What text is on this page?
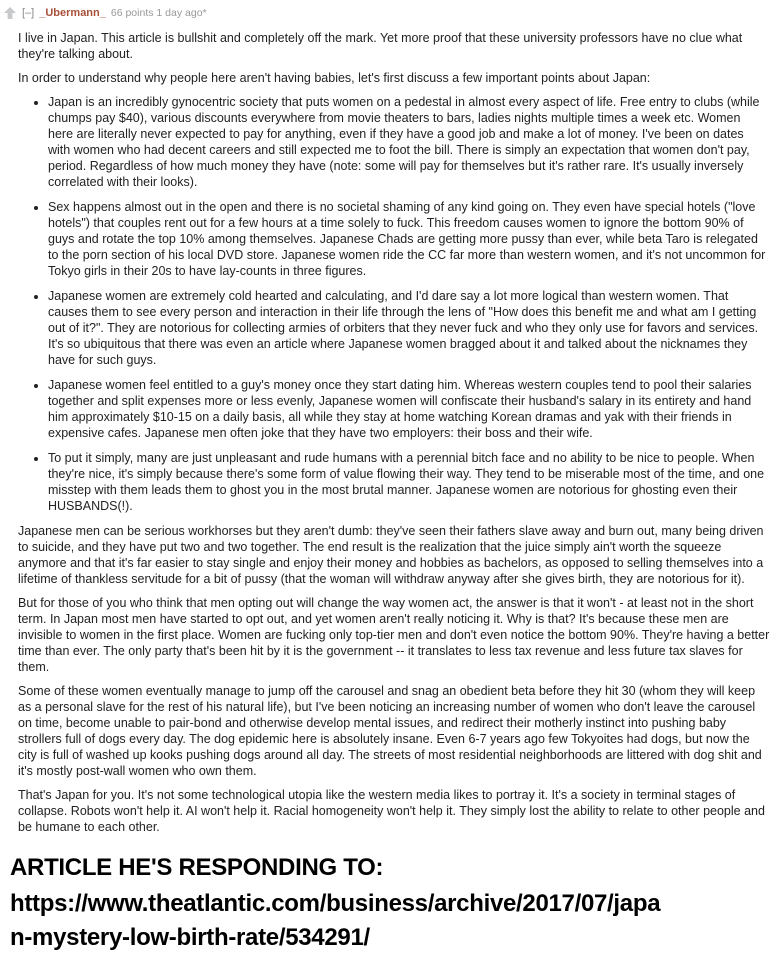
[–] _Ubermann_ 66 points 1 day ago*

I live in Japan. This article is bullshit and completely off the mark. Yet more proof that these university professors have no clue what they're talking about.

In order to understand why people here aren't having babies, let's first discuss a few important points about Japan:

• Japan is an incredibly gynocentric society that puts women on a pedestal in almost every aspect of life. Free entry to clubs (while chumps pay $40), various discounts everywhere from movie theaters to bars, ladies nights multiple times a week etc. Women here are literally never expected to pay for anything, even if they have a good job and make a lot of money. I've been on dates with women who had decent careers and still expected me to foot the bill. There is simply an expectation that women don't pay, period. Regardless of how much money they have (note: some will pay for themselves but it's rather rare. It's usually inversely correlated with their looks).
• Sex happens almost out in the open and there is no societal shaming of any kind going on. They even have special hotels ("love hotels") that couples rent out for a few hours at a time solely to fuck. This freedom causes women to ignore the bottom 90% of guys and rotate the top 10% among themselves. Japanese Chads are getting more pussy than ever, while beta Taro is relegated to the porn section of his local DVD store. Japanese women ride the CC far more than western women, and it's not uncommon for Tokyo girls in their 20s to have lay-counts in three figures.
• Japanese women are extremely cold hearted and calculating, and I'd dare say a lot more logical than western women. That causes them to see every person and interaction in their life through the lens of "How does this benefit me and what am I getting out of it?". They are notorious for collecting armies of orbiters that they never fuck and who they only use for favors and services. It's so ubiquitous that there was even an article where Japanese women bragged about it and talked about the nicknames they have for such guys.
• Japanese women feel entitled to a guy's money once they start dating him. Whereas western couples tend to pool their salaries together and split expenses more or less evenly, Japanese women will confiscate their husband's salary in its entirety and hand him approximately $10-15 on a daily basis, all while they stay at home watching Korean dramas and yak with their friends in expensive cafes. Japanese men often joke that they have two employers: their boss and their wife.
• To put it simply, many are just unpleasant and rude humans with a perennial bitch face and no ability to be nice to people. When they're nice, it's simply because there's some form of value flowing their way. They tend to be miserable most of the time, and one misstep with them leads them to ghost you in the most brutal manner. Japanese women are notorious for ghosting even their HUSBANDS(!).

Japanese men can be serious workhorses but they aren't dumb: they've seen their fathers slave away and burn out, many being driven to suicide, and they have put two and two together. The end result is the realization that the juice simply ain't worth the squeeze anymore and that it's far easier to stay single and enjoy their money and hobbies as bachelors, as opposed to selling themselves into a lifetime of thankless servitude for a bit of pussy (that the woman will withdraw anyway after she gives birth, they are notorious for it).

But for those of you who think that men opting out will change the way women act, the answer is that it won't - at least not in the short term. In Japan most men have started to opt out, and yet women aren't really noticing it. Why is that? It's because these men are invisible to women in the first place. Women are fucking only top-tier men and don't even notice the bottom 90%. They're having a better time than ever. The only party that's been hit by it is the government -- it translates to less tax revenue and less future tax slaves for them.

Some of these women eventually manage to jump off the carousel and snag an obedient beta before they hit 30 (whom they will keep as a personal slave for the rest of his natural life), but I've been noticing an increasing number of women who don't leave the carousel on time, become unable to pair-bond and otherwise develop mental issues, and redirect their motherly instinct into pushing baby strollers full of dogs every day. The dog epidemic here is absolutely insane. Even 6-7 years ago few Tokyoites had dogs, but now the city is full of washed up kooks pushing dogs around all day. The streets of most residential neighborhoods are littered with dog shit and it's mostly post-wall women who own them.

That's Japan for you. It's not some technological utopia like the western media likes to portray it. It's a society in terminal stages of collapse. Robots won't help it. AI won't help it. Racial homogeneity won't help it. They simply lost the ability to relate to other people and be humane to each other.

ARTICLE HE'S RESPONDING TO:
https://www.theatlantic.com/business/archive/2017/07/japa
n-mystery-low-birth-rate/534291/
